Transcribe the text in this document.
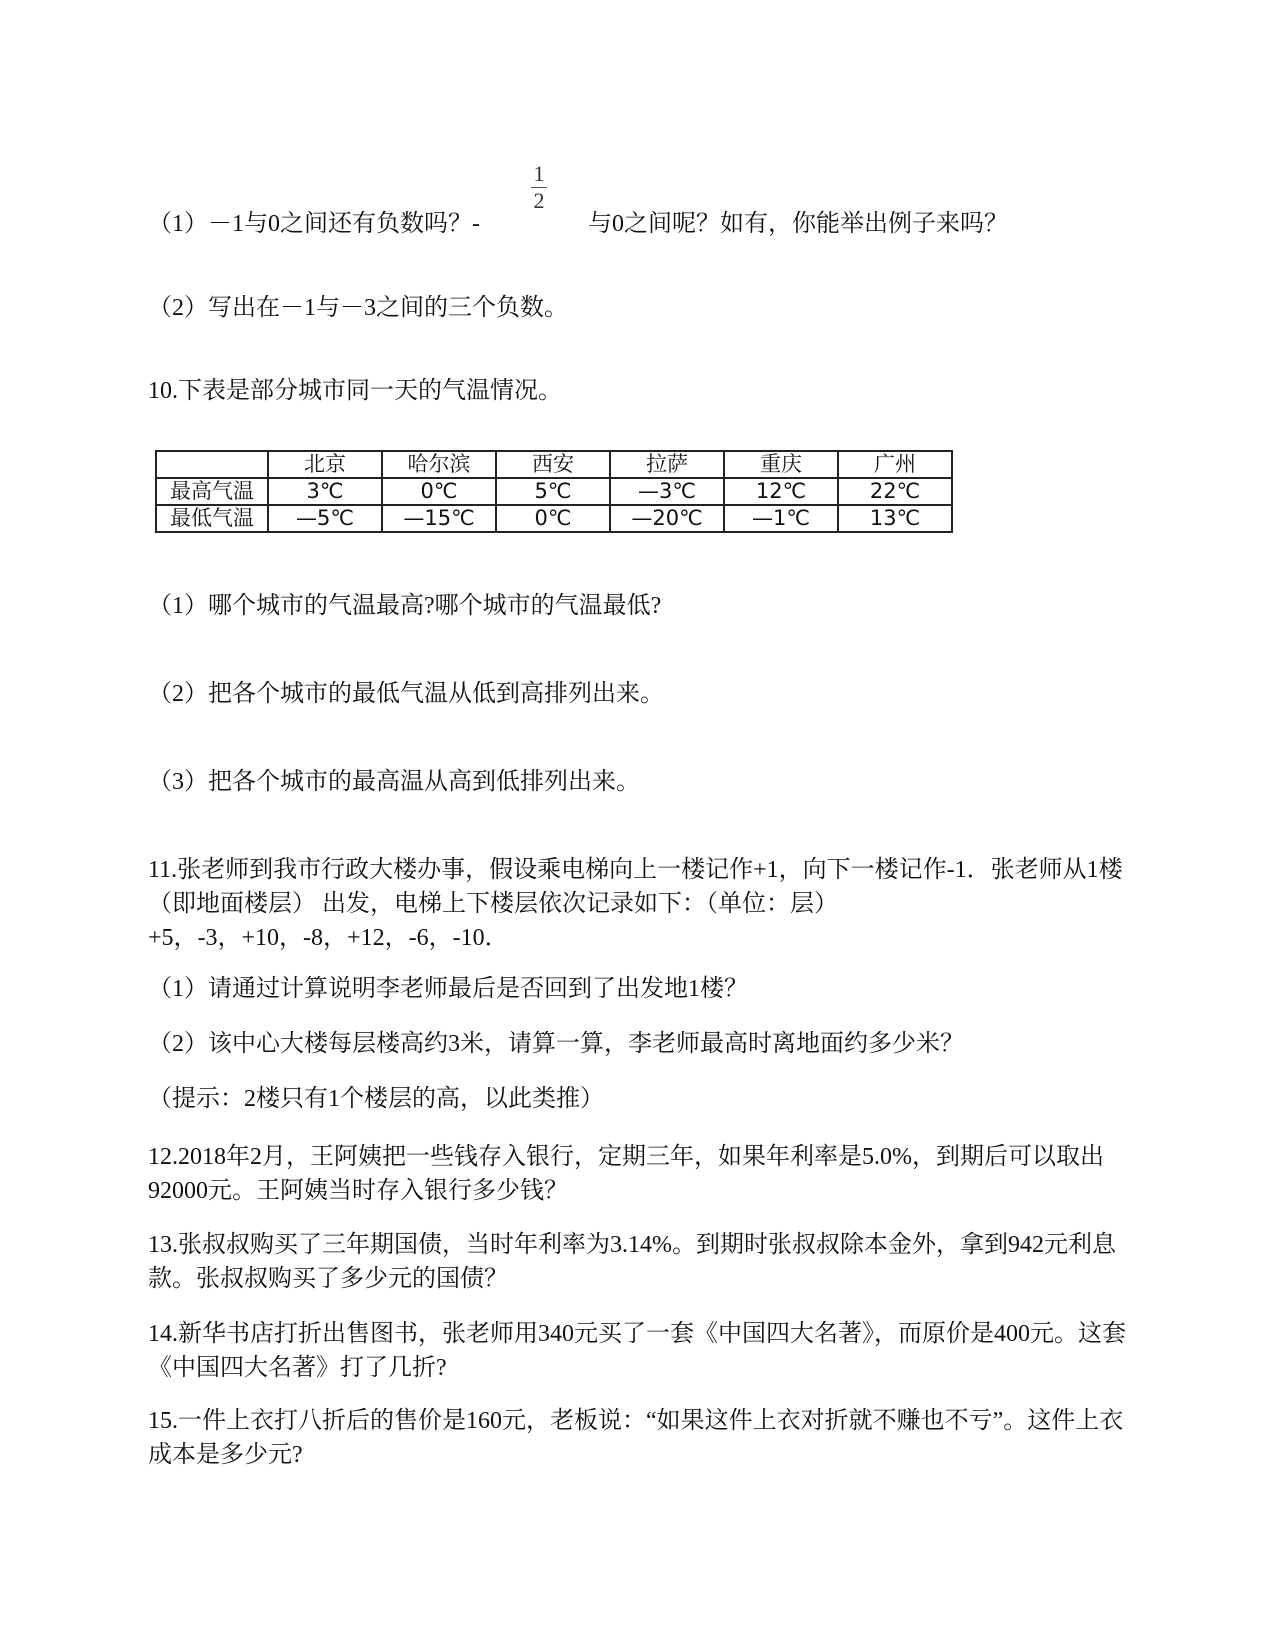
（1）－1与0之间还有负数吗？-
1
2
与0之间呢？如有，你能举出例子来吗？
（2）写出在－1与－3之间的三个负数。
10.下表是部分城市同一天的气温情况。
	北京	哈尔滨	西安	拉萨	重庆	广州
最高气温	3℃	0℃	5℃	—3℃	12℃	22℃
最低气温	—5℃	—15℃	0℃	—20℃	—1℃	13℃
（1）哪个城市的气温最高?哪个城市的气温最低?
（2）把各个城市的最低气温从低到高排列出来。
（3）把各个城市的最高温从高到低排列出来。
11.张老师到我市行政大楼办事，假设乘电梯向上一楼记作+1，向下一楼记作-1．张老师从1楼 （即地面楼层） 出发，电梯上下楼层依次记录如下：（单位：层）+5，-3，+10，-8，+12，-6，-10．
（1）请通过计算说明李老师最后是否回到了出发地1楼？
（2）该中心大楼每层楼高约3米，请算一算，李老师最高时离地面约多少米？
（提示：2楼只有1个楼层的高，以此类推）
12.2018年2月，王阿姨把一些钱存入银行，定期三年，如果年利率是5.0%，到期后可以取出92000元。王阿姨当时存入银行多少钱？
13.张叔叔购买了三年期国债，当时年利率为3.14%。到期时张叔叔除本金外，拿到942元利息款。张叔叔购买了多少元的国债？
14.新华书店打折出售图书，张老师用340元买了一套《中国四大名著》，而原价是400元。这套《中国四大名著》打了几折?
15.一件上衣打八折后的售价是160元，老板说：“如果这件上衣对折就不赚也不亏”。这件上衣成本是多少元?
